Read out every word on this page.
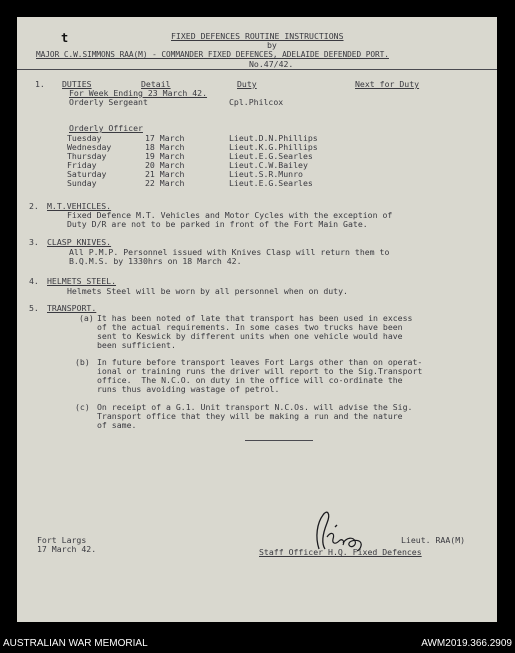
FIXED DEFENCES ROUTINE INSTRUCTIONS
by
t
MAJOR C.W.SIMMONS RAA(M) - COMMANDER FIXED DEFENCES, ADELAIDE DEFENDED PORT.
No.47/42.
1. DUTIES	Detail	Duty	Next for Duty
For Week Ending 23 March 42.
Orderly Sergeant	Cpl.Philcox
Orderly Officer
Tuesday	17 March	Lieut.D.N.Phillips
Wednesday	18 March	Lieut.K.G.Phillips
Thursday	19 March	Lieut.E.G.Searles
Friday	20 March	Lieut.C.W.Bailey
Saturday	21 March	Lieut.S.R.Munro
Sunday	22 March	Lieut.E.G.Searles
2. M.T.VEHICLES.
Fixed Defence M.T. Vehicles and Motor Cycles with the exception of
Duty D/R are not to be parked in front of the Fort Main Gate.
3. CLASP KNIVES.
All P.M.P. Personnel issued with Knives Clasp will return them to
B.Q.M.S. by 1330hrs on 18 March 42.
4. HELMETS STEEL.
Helmets Steel will be worn by all personnel when on duty.
5. TRANSPORT.
(a) It has been noted of late that transport has been used in excess
of the actual requirements. In some cases two trucks have been
sent to Keswick by different units when one vehicle would have
been sufficient.
(b) In future before transport leaves Fort Largs other than on operat-
ional or training runs the driver will report to the Sig.Transport
office.  The N.C.O. on duty in the office will co-ordinate the
runs thus avoiding wastage of petrol.
(c) On receipt of a G.1. Unit transport N.C.Os. will advise the Sig.
Transport office that they will be making a run and the nature
of same.
Fort Largs
17 March 42.
Lieut. RAA(M)
Staff Officer H.Q. Fixed Defences
AUSTRALIAN WAR MEMORIAL	AWM2019.366.2909
